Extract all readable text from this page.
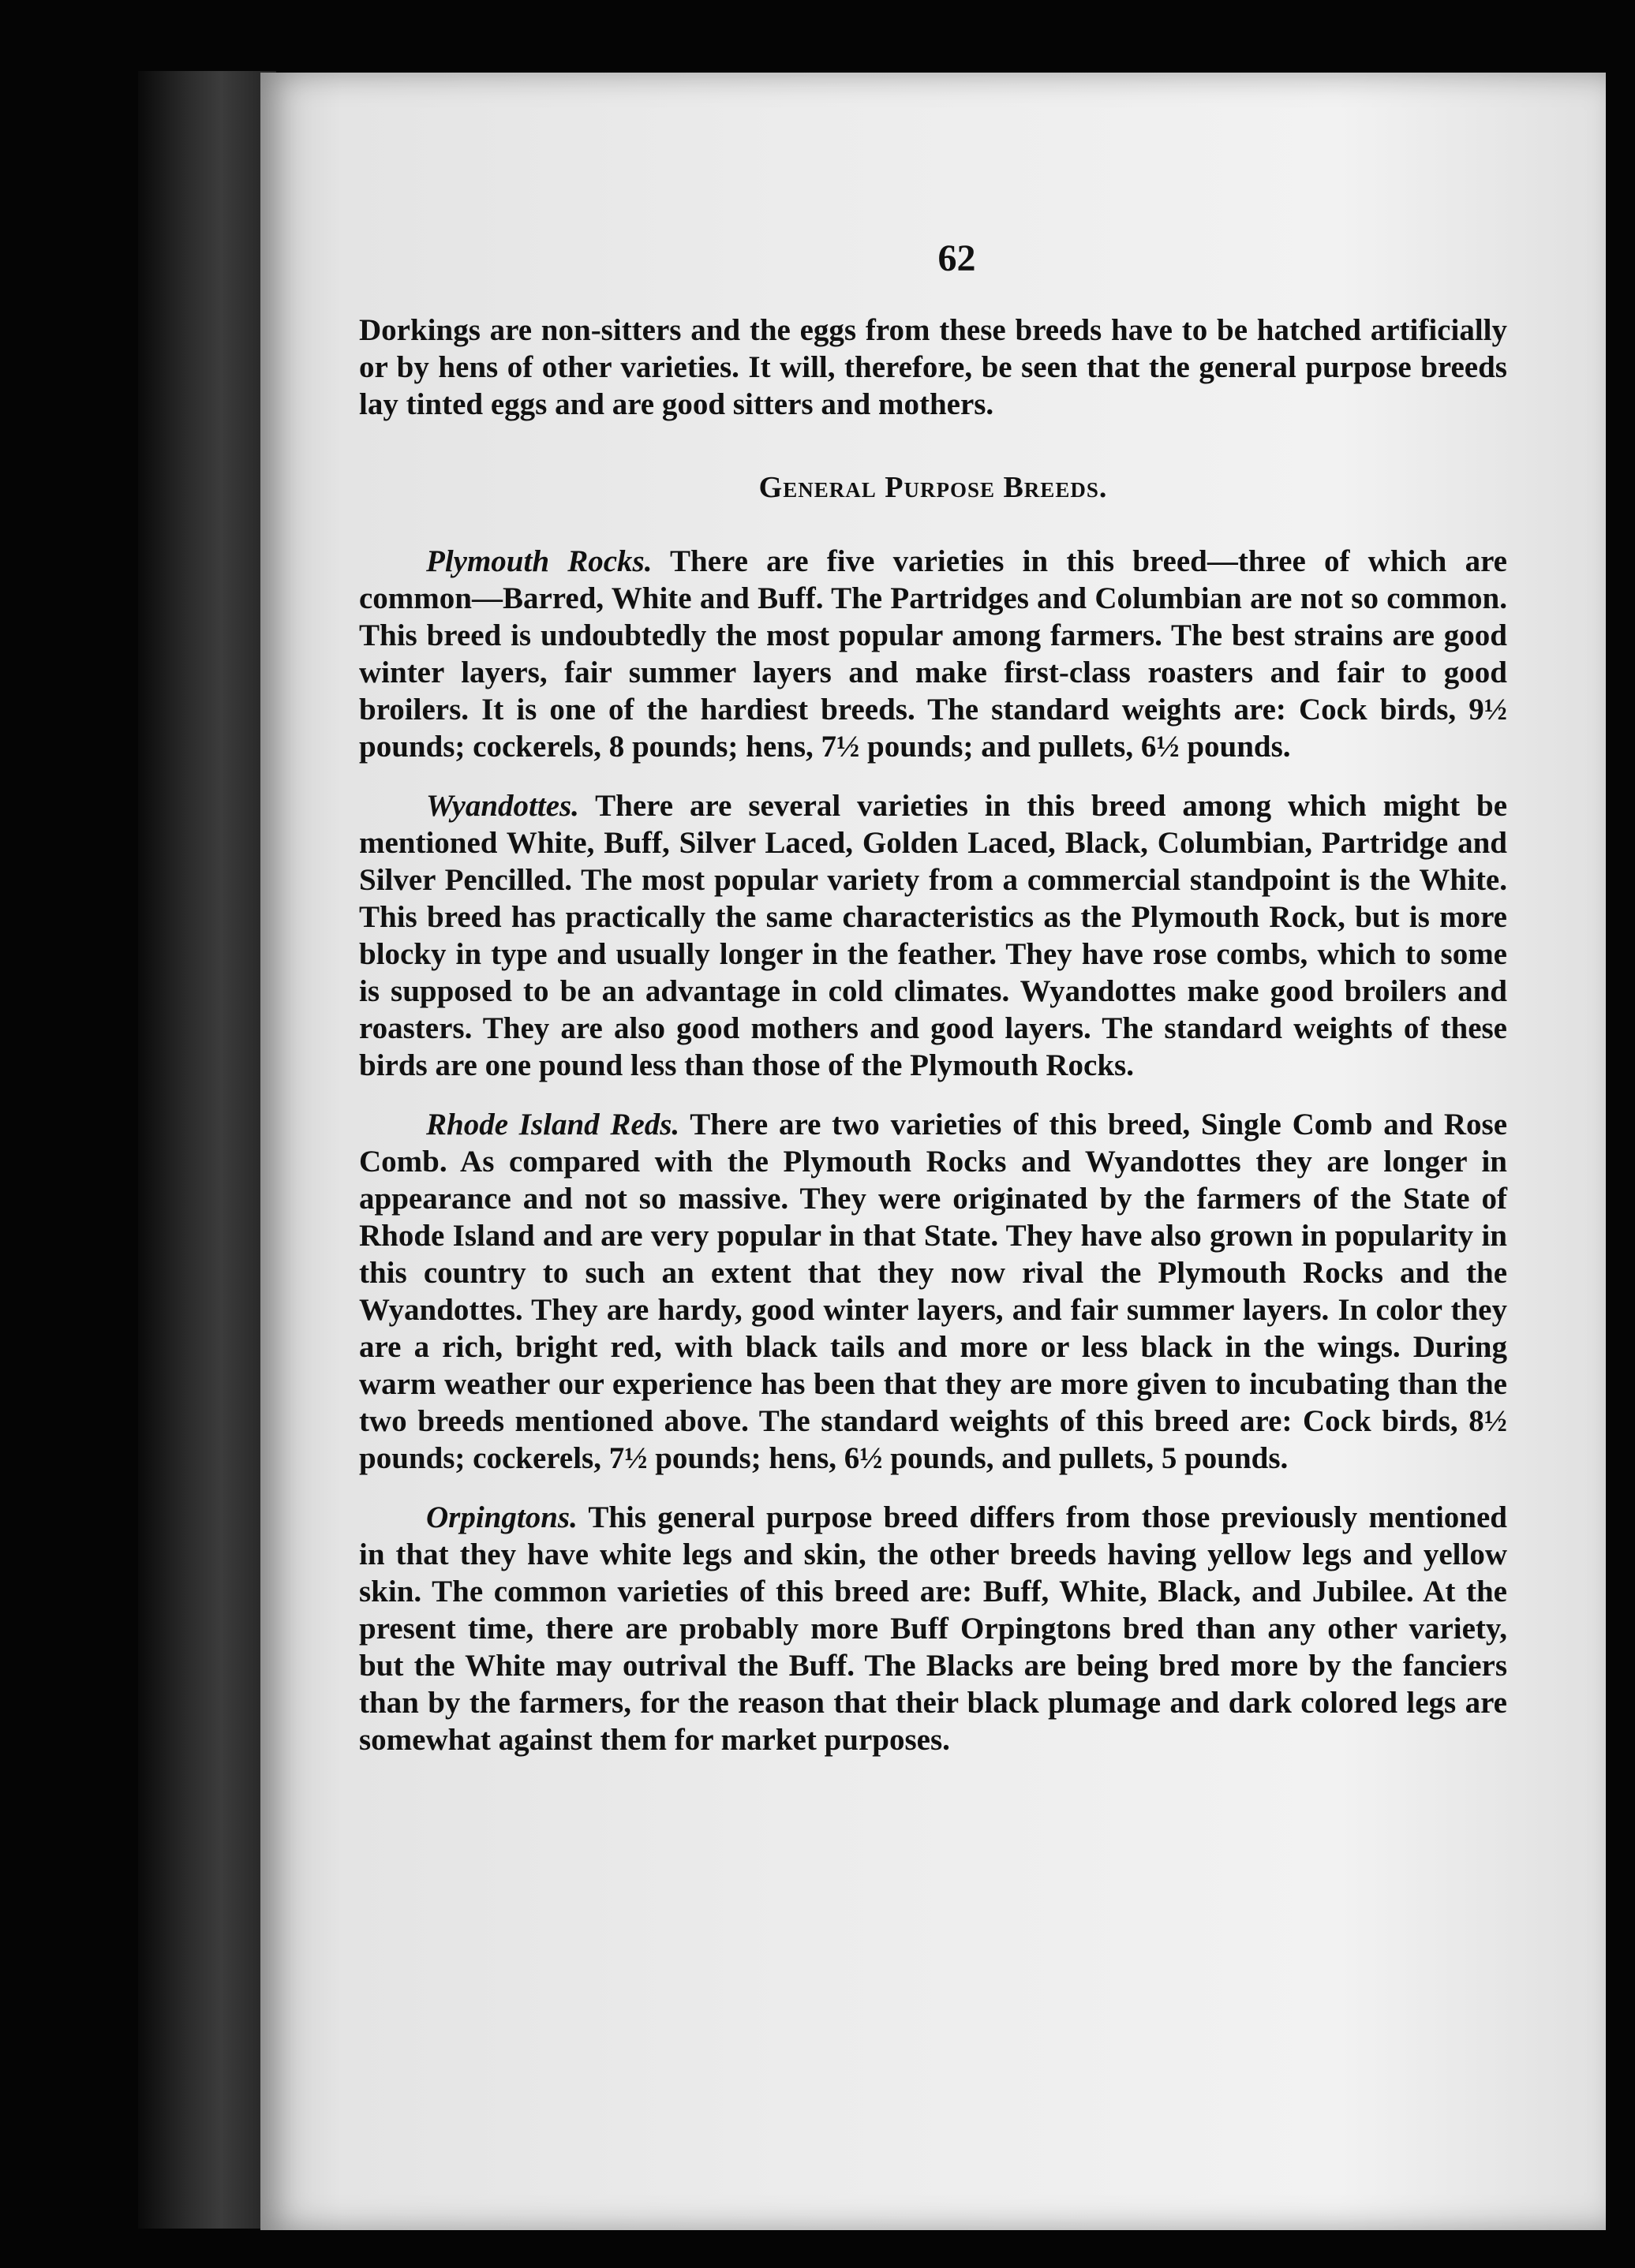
62

Dorkings are non-sitters and the eggs from these breeds have to be hatched artificially or by hens of other varieties. It will, therefore, be seen that the general purpose breeds lay tinted eggs and are good sitters and mothers.

General Purpose Breeds.

Plymouth Rocks. There are five varieties in this breed—three of which are common—Barred, White and Buff. The Partridges and Columbian are not so common. This breed is undoubtedly the most popular among farmers. The best strains are good winter layers, fair summer layers and make first-class roasters and fair to good broilers. It is one of the hardiest breeds. The standard weights are: Cock birds, 9½ pounds; cockerels, 8 pounds; hens, 7½ pounds; and pullets, 6½ pounds.

Wyandottes. There are several varieties in this breed among which might be mentioned White, Buff, Silver Laced, Golden Laced, Black, Columbian, Partridge and Silver Pencilled. The most popular variety from a commercial standpoint is the White. This breed has practically the same characteristics as the Plymouth Rock, but is more blocky in type and usually longer in the feather. They have rose combs, which to some is supposed to be an advantage in cold climates. Wyandottes make good broilers and roasters. They are also good mothers and good layers. The standard weights of these birds are one pound less than those of the Plymouth Rocks.

Rhode Island Reds. There are two varieties of this breed, Single Comb and Rose Comb. As compared with the Plymouth Rocks and Wyandottes they are longer in appearance and not so massive. They were originated by the farmers of the State of Rhode Island and are very popular in that State. They have also grown in popularity in this country to such an extent that they now rival the Plymouth Rocks and the Wyandottes. They are hardy, good winter layers, and fair summer layers. In color they are a rich, bright red, with black tails and more or less black in the wings. During warm weather our experience has been that they are more given to incubating than the two breeds mentioned above. The standard weights of this breed are: Cock birds, 8½ pounds; cockerels, 7½ pounds; hens, 6½ pounds, and pullets, 5 pounds.

Orpingtons. This general purpose breed differs from those previously mentioned in that they have white legs and skin, the other breeds having yellow legs and yellow skin. The common varieties of this breed are: Buff, White, Black, and Jubilee. At the present time, there are probably more Buff Orpingtons bred than any other variety, but the White may outrival the Buff. The Blacks are being bred more by the fanciers than by the farmers, for the reason that their black plumage and dark colored legs are somewhat against them for market purposes.
